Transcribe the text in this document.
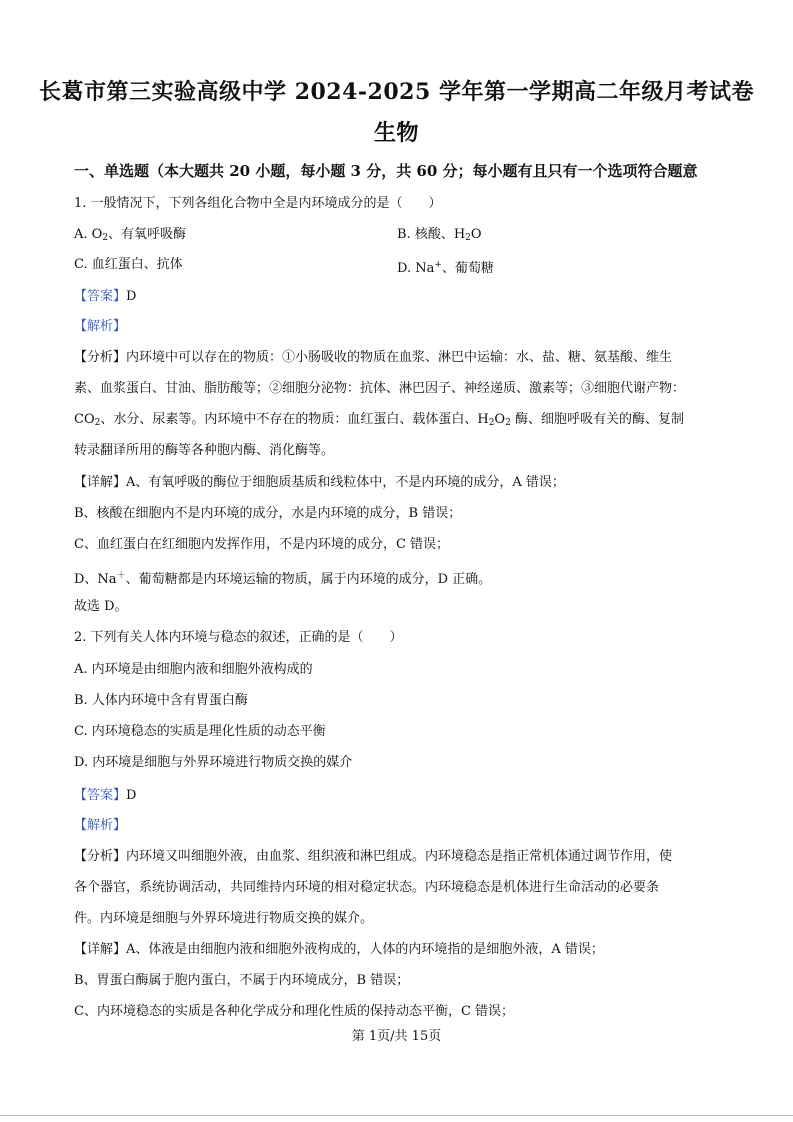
长葛市第三实验高级中学 2024-2025 学年第一学期高二年级月考试卷
生物
一、单选题（本大题共 20 小题，每小题 3 分，共 60 分；每小题有且只有一个选项符合题意
1. 一般情况下，下列各组化合物中全是内环境成分的是（　　）
A. $O_2$、有氧呼吸酶	B. 核酸、$H_2O$
C. 血红蛋白、抗体	D. Na+、葡萄糖
【答案】D
【解析】
【分析】内环境中可以存在的物质：①小肠吸收的物质在血浆、淋巴中运输：水、盐、糖、氨基酸、维生
素、血浆蛋白、甘油、脂肪酸等；②细胞分泌物：抗体、淋巴因子、神经递质、激素等；③细胞代谢产物：
$CO_2$、水分、尿素等。内环境中不存在的物质：血红蛋白、载体蛋白、$H_2O_2$ 酶、细胞呼吸有关的酶、复制
转录翻译所用的酶等各种胞内酶、消化酶等。
【详解】A、有氧呼吸的酶位于细胞质基质和线粒体中，不是内环境的成分，A 错误；
B、核酸在细胞内不是内环境的成分，水是内环境的成分，B 错误；
C、血红蛋白在红细胞内发挥作用，不是内环境的成分，C 错误；
D、Na＋、葡萄糖都是内环境运输的物质，属于内环境的成分，D 正确。
故选 D。
2. 下列有关人体内环境与稳态的叙述，正确的是（　　）
A. 内环境是由细胞内液和细胞外液构成的
B. 人体内环境中含有胃蛋白酶
C. 内环境稳态的实质是理化性质的动态平衡
D. 内环境是细胞与外界环境进行物质交换的媒介
【答案】D
【解析】
【分析】内环境又叫细胞外液，由血浆、组织液和淋巴组成。内环境稳态是指正常机体通过调节作用，使
各个器官，系统协调活动，共同维持内环境的相对稳定状态。内环境稳态是机体进行生命活动的必要条
件。内环境是细胞与外界环境进行物质交换的媒介。
【详解】A、体液是由细胞内液和细胞外液构成的，人体的内环境指的是细胞外液，A 错误；
B、胃蛋白酶属于胞内蛋白，不属于内环境成分，B 错误；
C、内环境稳态的实质是各种化学成分和理化性质的保持动态平衡，C 错误；
第 1页/共 15页
